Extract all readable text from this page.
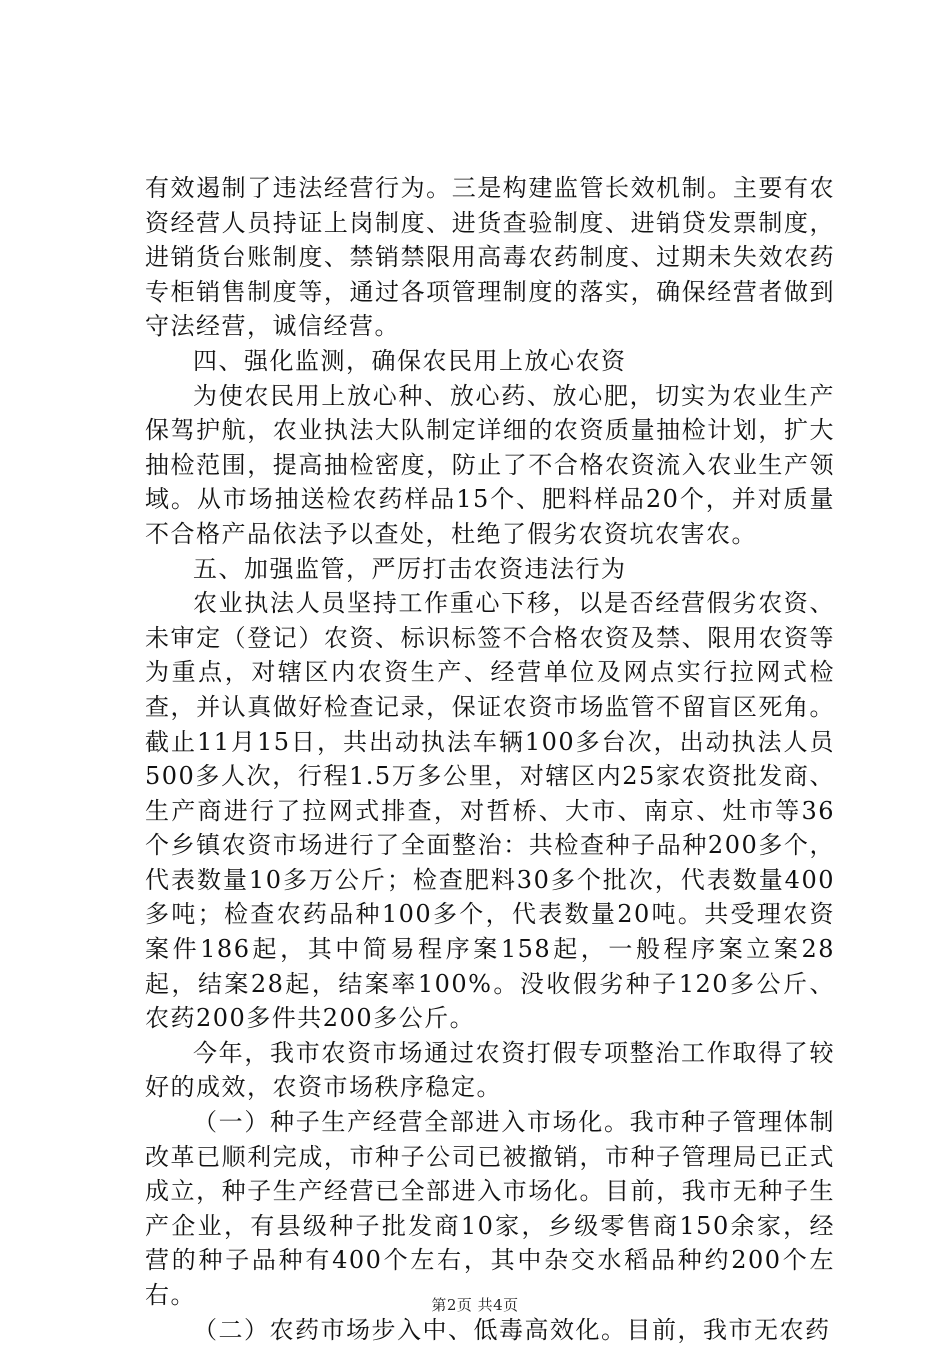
有效遏制了违法经营行为。三是构建监管长效机制。主要有农资经营人员持证上岗制度、进货查验制度、进销贷发票制度，进销货台账制度、禁销禁限用高毒农药制度、过期未失效农药专柜销售制度等，通过各项管理制度的落实，确保经营者做到守法经营，诚信经营。

四、强化监测，确保农民用上放心农资

为使农民用上放心种、放心药、放心肥，切实为农业生产保驾护航，农业执法大队制定详细的农资质量抽检计划，扩大抽检范围，提高抽检密度，防止了不合格农资流入农业生产领域。从市场抽送检农药样品15个、肥料样品20个，并对质量不合格产品依法予以查处，杜绝了假劣农资坑农害农。

五、加强监管，严厉打击农资违法行为

农业执法人员坚持工作重心下移，以是否经营假劣农资、未审定（登记）农资、标识标签不合格农资及禁、限用农资等为重点，对辖区内农资生产、经营单位及网点实行拉网式检查，并认真做好检查记录，保证农资市场监管不留盲区死角。截止11月15日，共出动执法车辆100多台次，出动执法人员500多人次，行程1.5万多公里，对辖区内25家农资批发商、生产商进行了拉网式排查，对哲桥、大市、南京、灶市等36个乡镇农资市场进行了全面整治：共检查种子品种200多个，代表数量10多万公斤；检查肥料30多个批次，代表数量400多吨；检查农药品种100多个，代表数量20吨。共受理农资案件186起，其中简易程序案158起，一般程序案立案28起，结案28起，结案率100%。没收假劣种子120多公斤、农药200多件共200多公斤。

今年，我市农资市场通过农资打假专项整治工作取得了较好的成效，农资市场秩序稳定。

（一）种子生产经营全部进入市场化。我市种子管理体制改革已顺利完成，市种子公司已被撤销，市种子管理局已正式成立，种子生产经营已全部进入市场化。目前，我市无种子生产企业，有县级种子批发商10家，乡级零售商150余家，经营的种子品种有400个左右，其中杂交水稻品种约200个左右。

（二）农药市场步入中、低毒高效化。目前，我市无农药

第2页 共4页
